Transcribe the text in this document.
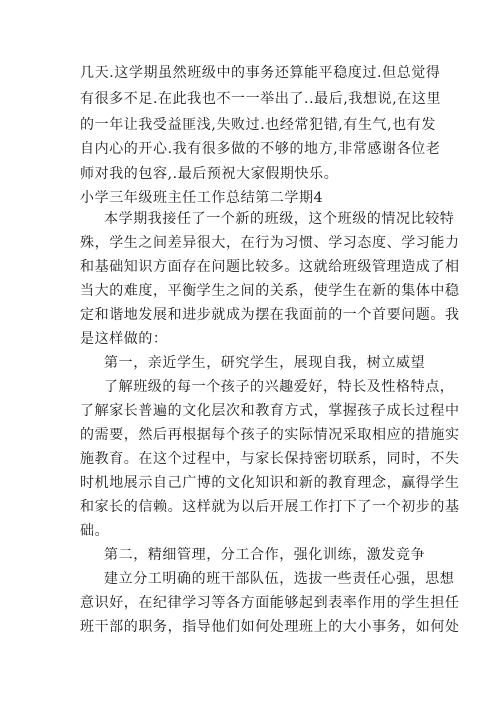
几天.这学期虽然班级中的事务还算能平稳度过.但总觉得
有很多不足.在此我也不一一举出了..最后,我想说,在这里
的一年让我受益匪浅,失败过.也经常犯错,有生气,也有发
自内心的开心.我有很多做的不够的地方,非常感谢各位老
师对我的包容,.最后预祝大家假期快乐。
小学三年级班主任工作总结第二学期4
本学期我接任了一个新的班级，这个班级的情况比较特
殊，学生之间差异很大，在行为习惯、学习态度、学习能力
和基础知识方面存在问题比较多。这就给班级管理造成了相
当大的难度，平衡学生之间的关系，使学生在新的集体中稳
定和谐地发展和进步就成为摆在我面前的一个首要问题。我
是这样做的：
第一，亲近学生，研究学生，展现自我，树立威望
了解班级的每一个孩子的兴趣爱好，特长及性格特点，
了解家长普遍的文化层次和教育方式，掌握孩子成长过程中
的需要，然后再根据每个孩子的实际情况采取相应的措施实
施教育。在这个过程中，与家长保持密切联系，同时，不失
时机地展示自己广博的文化知识和新的教育理念，赢得学生
和家长的信赖。这样就为以后开展工作打下了一个初步的基
础。
第二，精细管理，分工合作，强化训练，激发竞争
建立分工明确的班干部队伍，选拔一些责任心强，思想
意识好，在纪律学习等各方面能够起到表率作用的学生担任
班干部的职务，指导他们如何处理班上的大小事务，如何处
